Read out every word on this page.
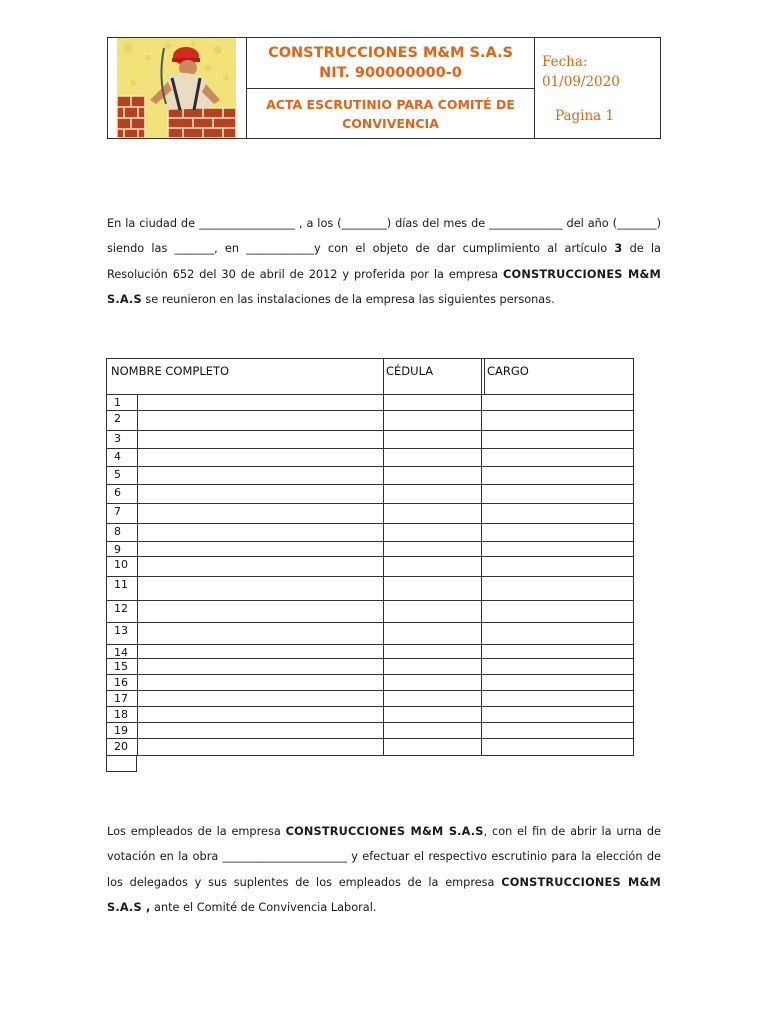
CONSTRUCCIONES M&M S.A.S
NIT. 900000000-0
ACTA ESCRUTINIO PARA COMITÉ DE
CONVIVENCIA
Fecha:
01/09/2020
Pagina 1
En la ciudad de _________________ , a los (________) días del mes de _____________ del año (_______) siendo las _______, en ____________y con el objeto de dar cumplimiento al artículo 3 de la Resolución 652 del 30 de abril de 2012 y proferida por la empresa CONSTRUCCIONES M&M S.A.S se reunieron en las instalaciones de la empresa las siguientes personas.
NOMBRE COMPLETO	CÉDULA	CARGO
1
2
3
4
5
6
7
8
9
10
11
12
13
14
15
16
17
18
19
20
Los empleados de la empresa CONSTRUCCIONES M&M S.A.S, con el fin de abrir la urna de votación en la obra ______________________ y efectuar el respectivo escrutinio para la elección de los delegados y sus suplentes de los empleados de la empresa CONSTRUCCIONES M&M S.A.S , ante el Comité de Convivencia Laboral.
